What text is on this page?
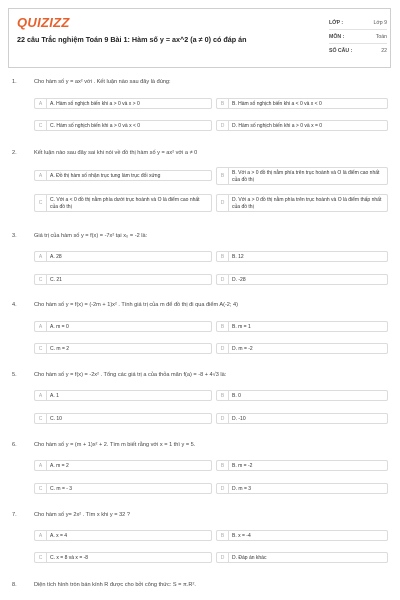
QUIZIZZ
22 câu Trắc nghiệm Toán 9 Bài 1: Hàm số y = ax^2 (a ≠ 0) có đáp án
LỚP :	Lớp 9
MÔN :	Toán
SỐ CÂU :	22
1.	Cho hàm số y = ax² với . Kết luận nào sau đây là đúng:
A	A. Hàm số nghịch biến khi a > 0 và x > 0	B	B. Hàm số nghịch biến khi a < 0 và x < 0
C	C. Hàm số nghịch biến khi a > 0 và x < 0	D	D. Hàm số nghịch biến khi a > 0 và x = 0
2.	Kết luận nào sau đây sai khi nói về đồ thị hàm số y = ax² với a ≠ 0
A	A. Đồ thị hàm số nhận trục tung làm trục đối xứng	B	B. Với a > 0 đồ thị nằm phía trên trục hoành và O là điểm cao nhất của đồ thị
C	C. Với a < 0 đồ thị nằm phía dưới trục hoành và O là điểm cao nhất của đồ thị
D	D. Với a > 0 đồ thị nằm phía trên trục hoành và O là điểm thấp nhất của đồ thị
3.	Giá trị của hàm số y = f(x) = -7x² tại x₀ = -2 là:
A	A. 28	B	B. 12
C	C. 21	D	D. -28
4.	Cho hàm số y = f(x) = (-2m + 1)x² . Tính giá trị của m để đồ thị đi qua điểm A(-2; 4)
A	A. m = 0	B	B. m = 1
C	C. m = 2	D	D. m = -2
5.	Cho hàm số y = f(x) = -2x² . Tổng các giá trị a của thỏa mãn f(a) = -8 + 4√3 là:
A	A. 1	B	B. 0
C	C. 10	D	D. -10
6.	Cho hàm số y = (m + 1)x² + 2. Tìm m biết rằng với x = 1 thì y = 5.
A	A. m = 2	B	B. m = -2
C	C. m = - 3	D	D. m = 3
7.	Cho hàm số y= 2x² . Tìm x khi y = 32 ?
A	A. x = 4	B	B. x = -4
C	C. x = 8 và x = -8	D	D. Đáp án khác
8.	Diện tích hình tròn bán kính R được cho bởi công thức: S = π.R².
